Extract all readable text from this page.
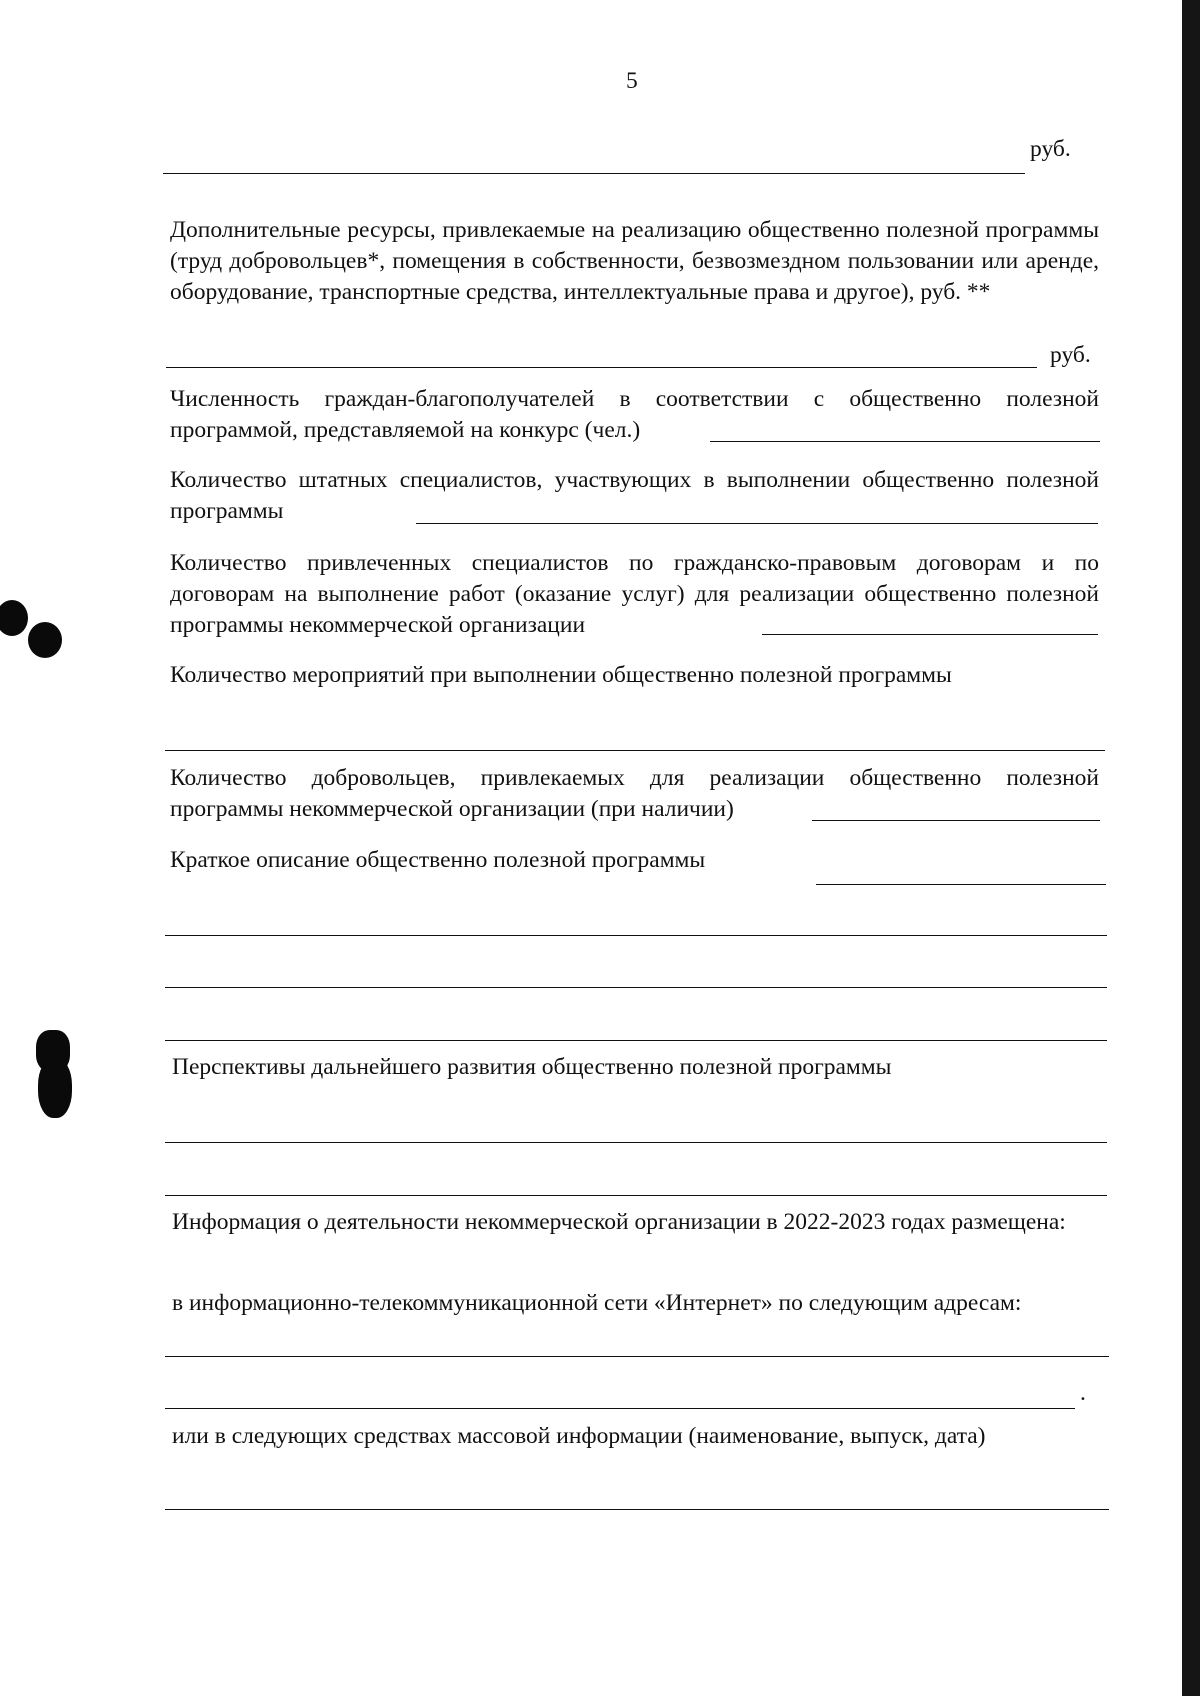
5
руб.
Дополнительные ресурсы, привлекаемые на реализацию общественно полезной программы (труд добровольцев*, помещения в собственности, безвозмездном пользовании или аренде, оборудование, транспортные средства, интеллектуальные права и другое), руб. **
руб.
Численность граждан-благополучателей в соответствии с общественно полезной программой, представляемой на конкурс (чел.)
Количество штатных специалистов, участвующих в выполнении общественно полезной программы
Количество привлеченных специалистов по гражданско-правовым договорам и по договорам на выполнение работ (оказание услуг) для реализации общественно полезной программы некоммерческой организации
Количество мероприятий при выполнении общественно полезной программы
Количество добровольцев, привлекаемых для реализации общественно полезной программы некоммерческой организации (при наличии)
Краткое описание общественно полезной программы
Перспективы дальнейшего развития общественно полезной программы
Информация о деятельности некоммерческой организации в 2022-2023 годах размещена:
в информационно-телекоммуникационной сети «Интернет» по следующим адресам:
.
или в следующих средствах массовой информации (наименование, выпуск, дата)
